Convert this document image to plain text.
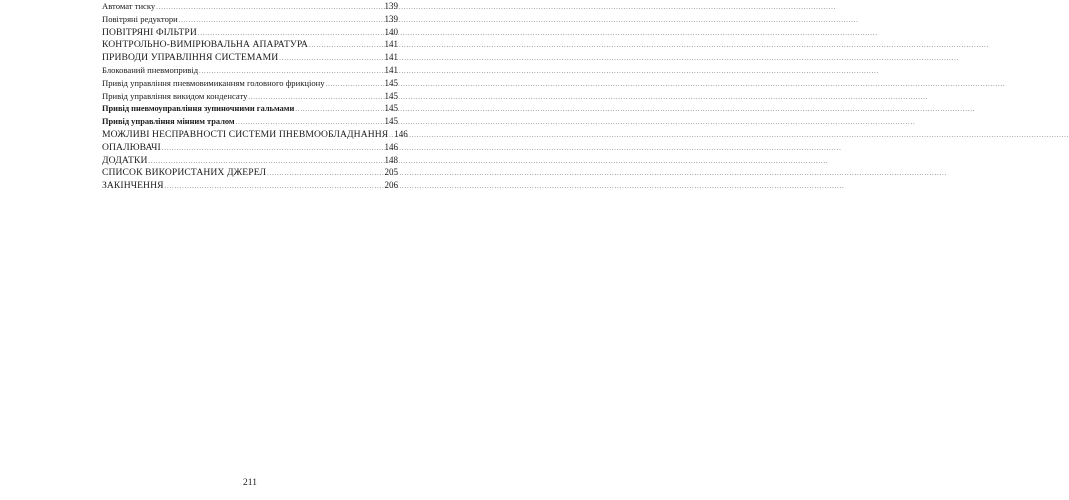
Автомат тиску .....	139
Повітряні редуктори .....	139
ПОВІТРЯНІ ФІЛЬТРИ .....	140
КОНТРОЛЬНО-ВИМІРЮВАЛЬНА АПАРАТУРА .....	141
ПРИВОДИ УПРАВЛІННЯ СИСТЕМАМИ .....	141
Блокований пневмопривід .....	141
Привід управління пневмовимиканням головного фрикціону .....	145
Привід управління викидом конденсату .....	145
Привід пневмоуправління зупиночними гальмами .....	145
Привід управління мінним тралом .....	145
МОЖЛИВІ НЕСПРАВНОСТІ СИСТЕМИ ПНЕВМООБЛАДНАННЯ ..... 146
ОПАЛЮВАЧІ .....	146
ДОДАТКИ .....	148
СПИСОК ВИКОРИСТАНИХ ДЖЕРЕЛ .....	205
ЗАКІНЧЕННЯ .....	206
211
